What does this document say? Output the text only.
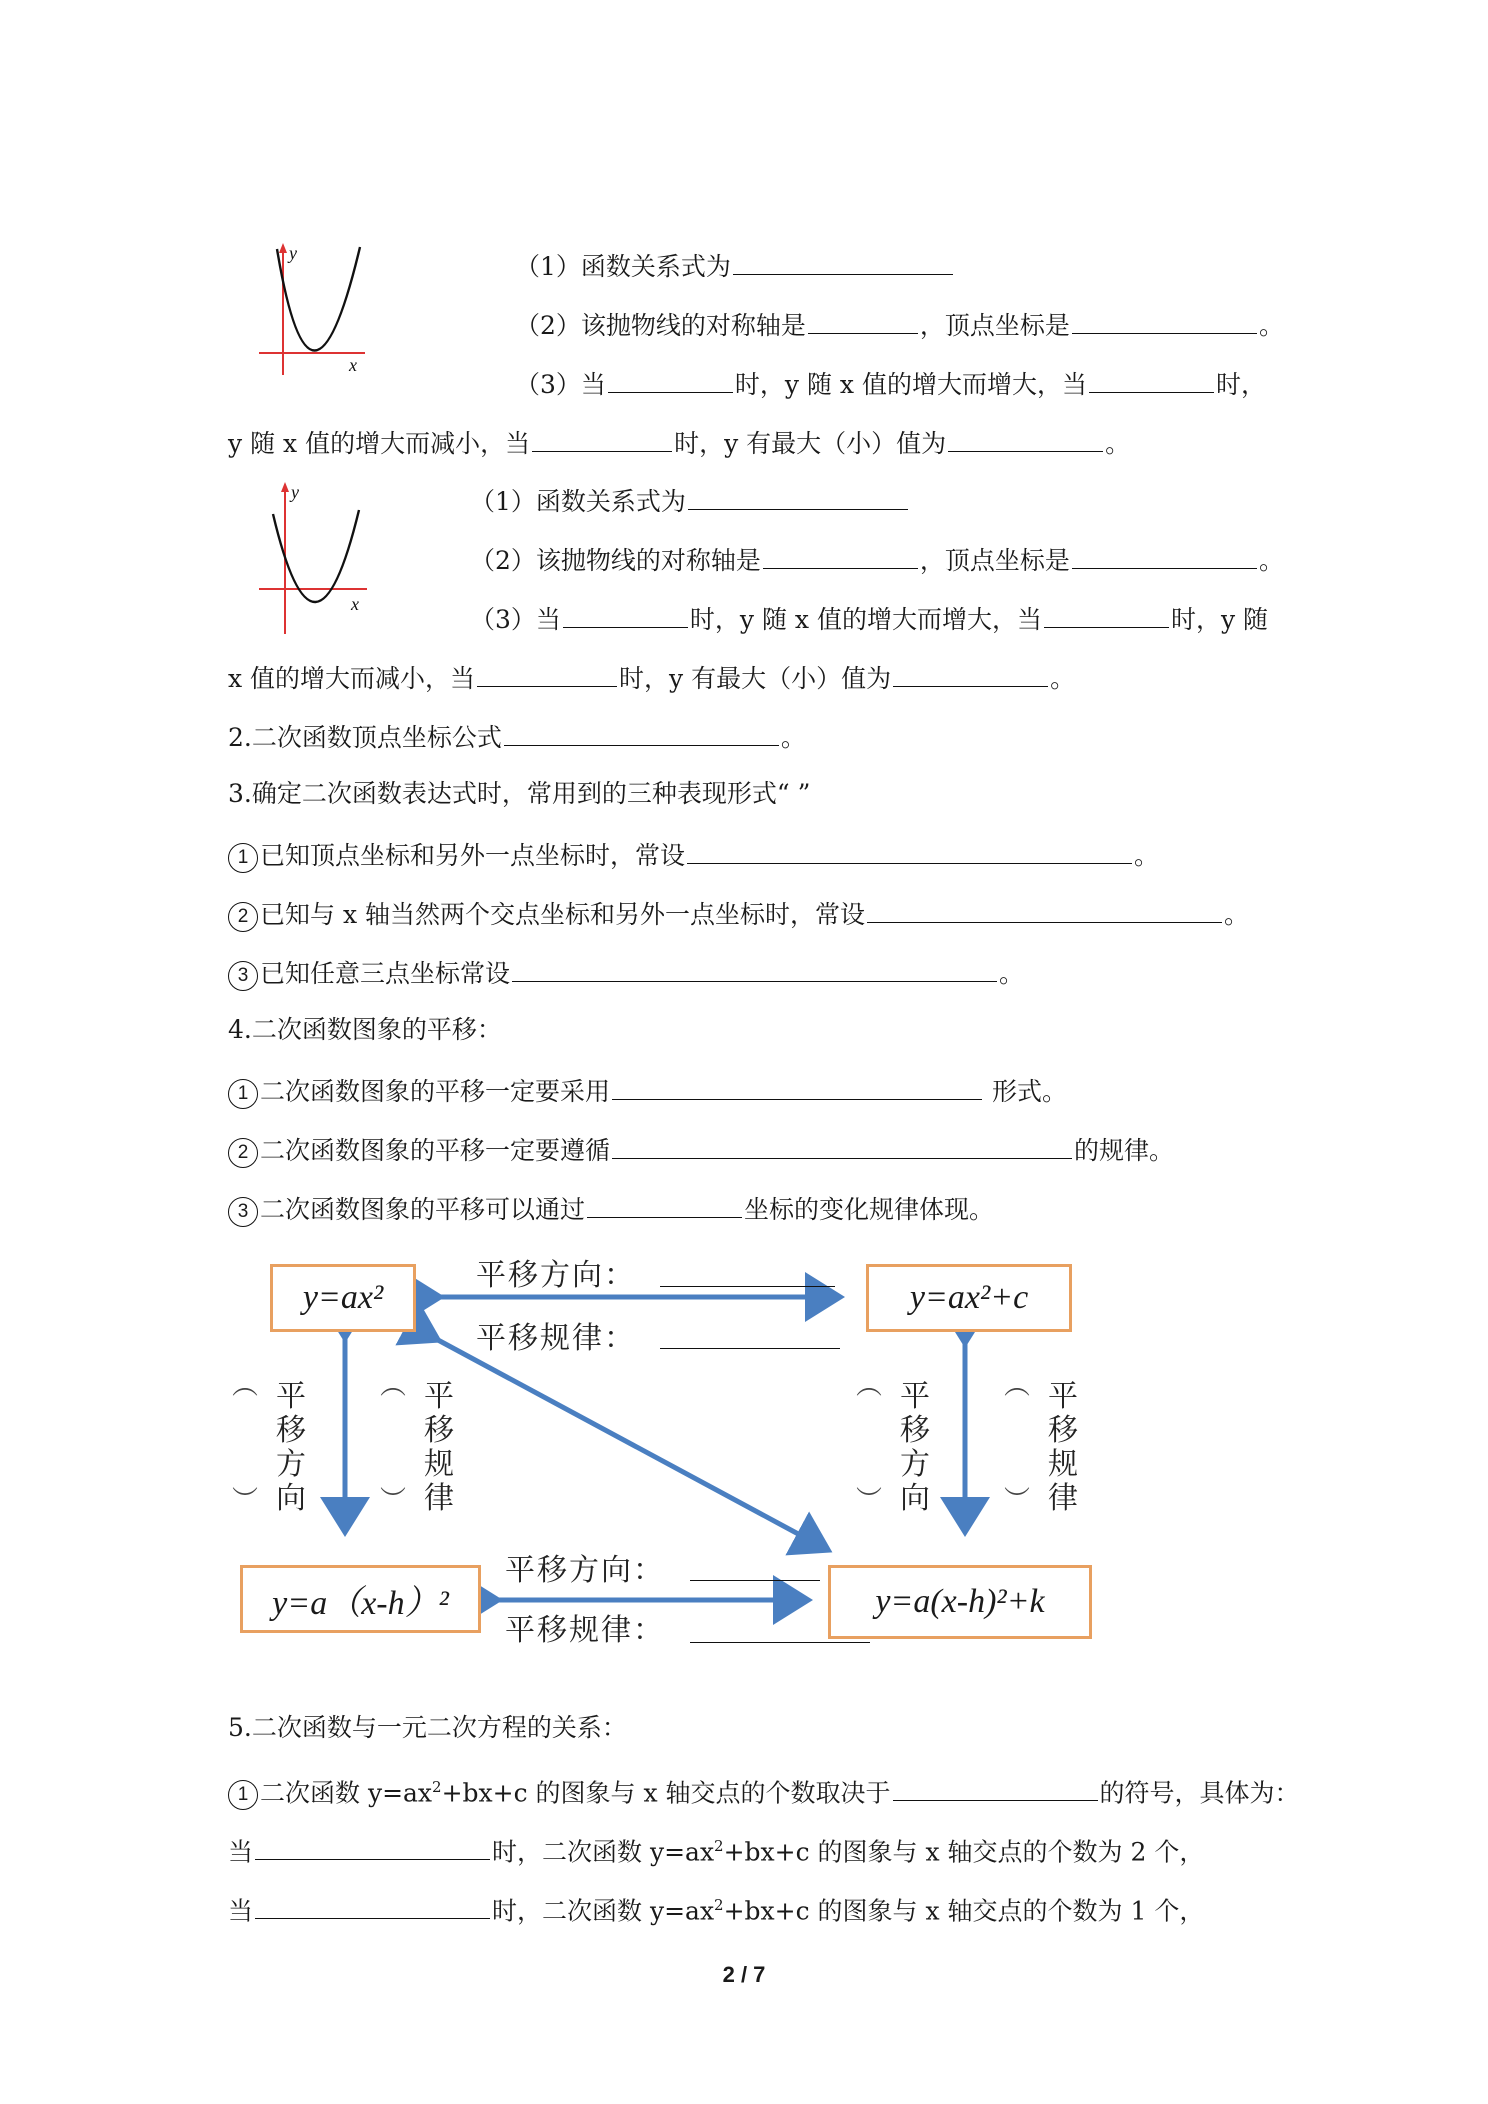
y
x
（1）函数关系式为
（2）该抛物线的对称轴是	，顶点坐标是	。
（3）当	时，y 随 x 值的增大而增大，当	时，
y 随 x 值的增大而减小，当	时，y 有最大（小）值为	。
y
x
（1）函数关系式为
（2）该抛物线的对称轴是	，顶点坐标是	。
（3）当	时，y 随 x 值的增大而增大，当	时，y 随
x 值的增大而减小，当	时，y 有最大（小）值为	。
2.二次函数顶点坐标公式	。
3.确定二次函数表达式时，常用到的三种表现形式“ ”
1 已知顶点坐标和另外一点坐标时，常设	。
2 已知与 x 轴当然两个交点坐标和另外一点坐标时，常设	。
3 已知任意三点坐标常设	。
4.二次函数图象的平移：
1 二次函数图象的平移一定要采用	形式。
2 二次函数图象的平移一定要遵循	的规律。
3 二次函数图象的平移可以通过	坐标的变化规律体现。
y=ax²	y=ax²+c
y=a（x-h）²	y=a(x-h)²+k
平移方向：
平移规律：
平移方向：
平移规律：
︵ 平
移
方
向
︶
︵ 平
移
规
律
︶
︵ 平
移
方
向
︶
︵ 平
移
规
律
︶
5.二次函数与一元二次方程的关系：
1 二次函数 $y=ax^2+bx+c$ 的图象与 x 轴交点的个数取决于	的符号，具体为：
当	时，二次函数 $y=ax^2+bx+c$ 的图象与 x 轴交点的个数为 2 个，
当	时，二次函数 $y=ax^2+bx+c$ 的图象与 x 轴交点的个数为 1 个，
2 / 7
